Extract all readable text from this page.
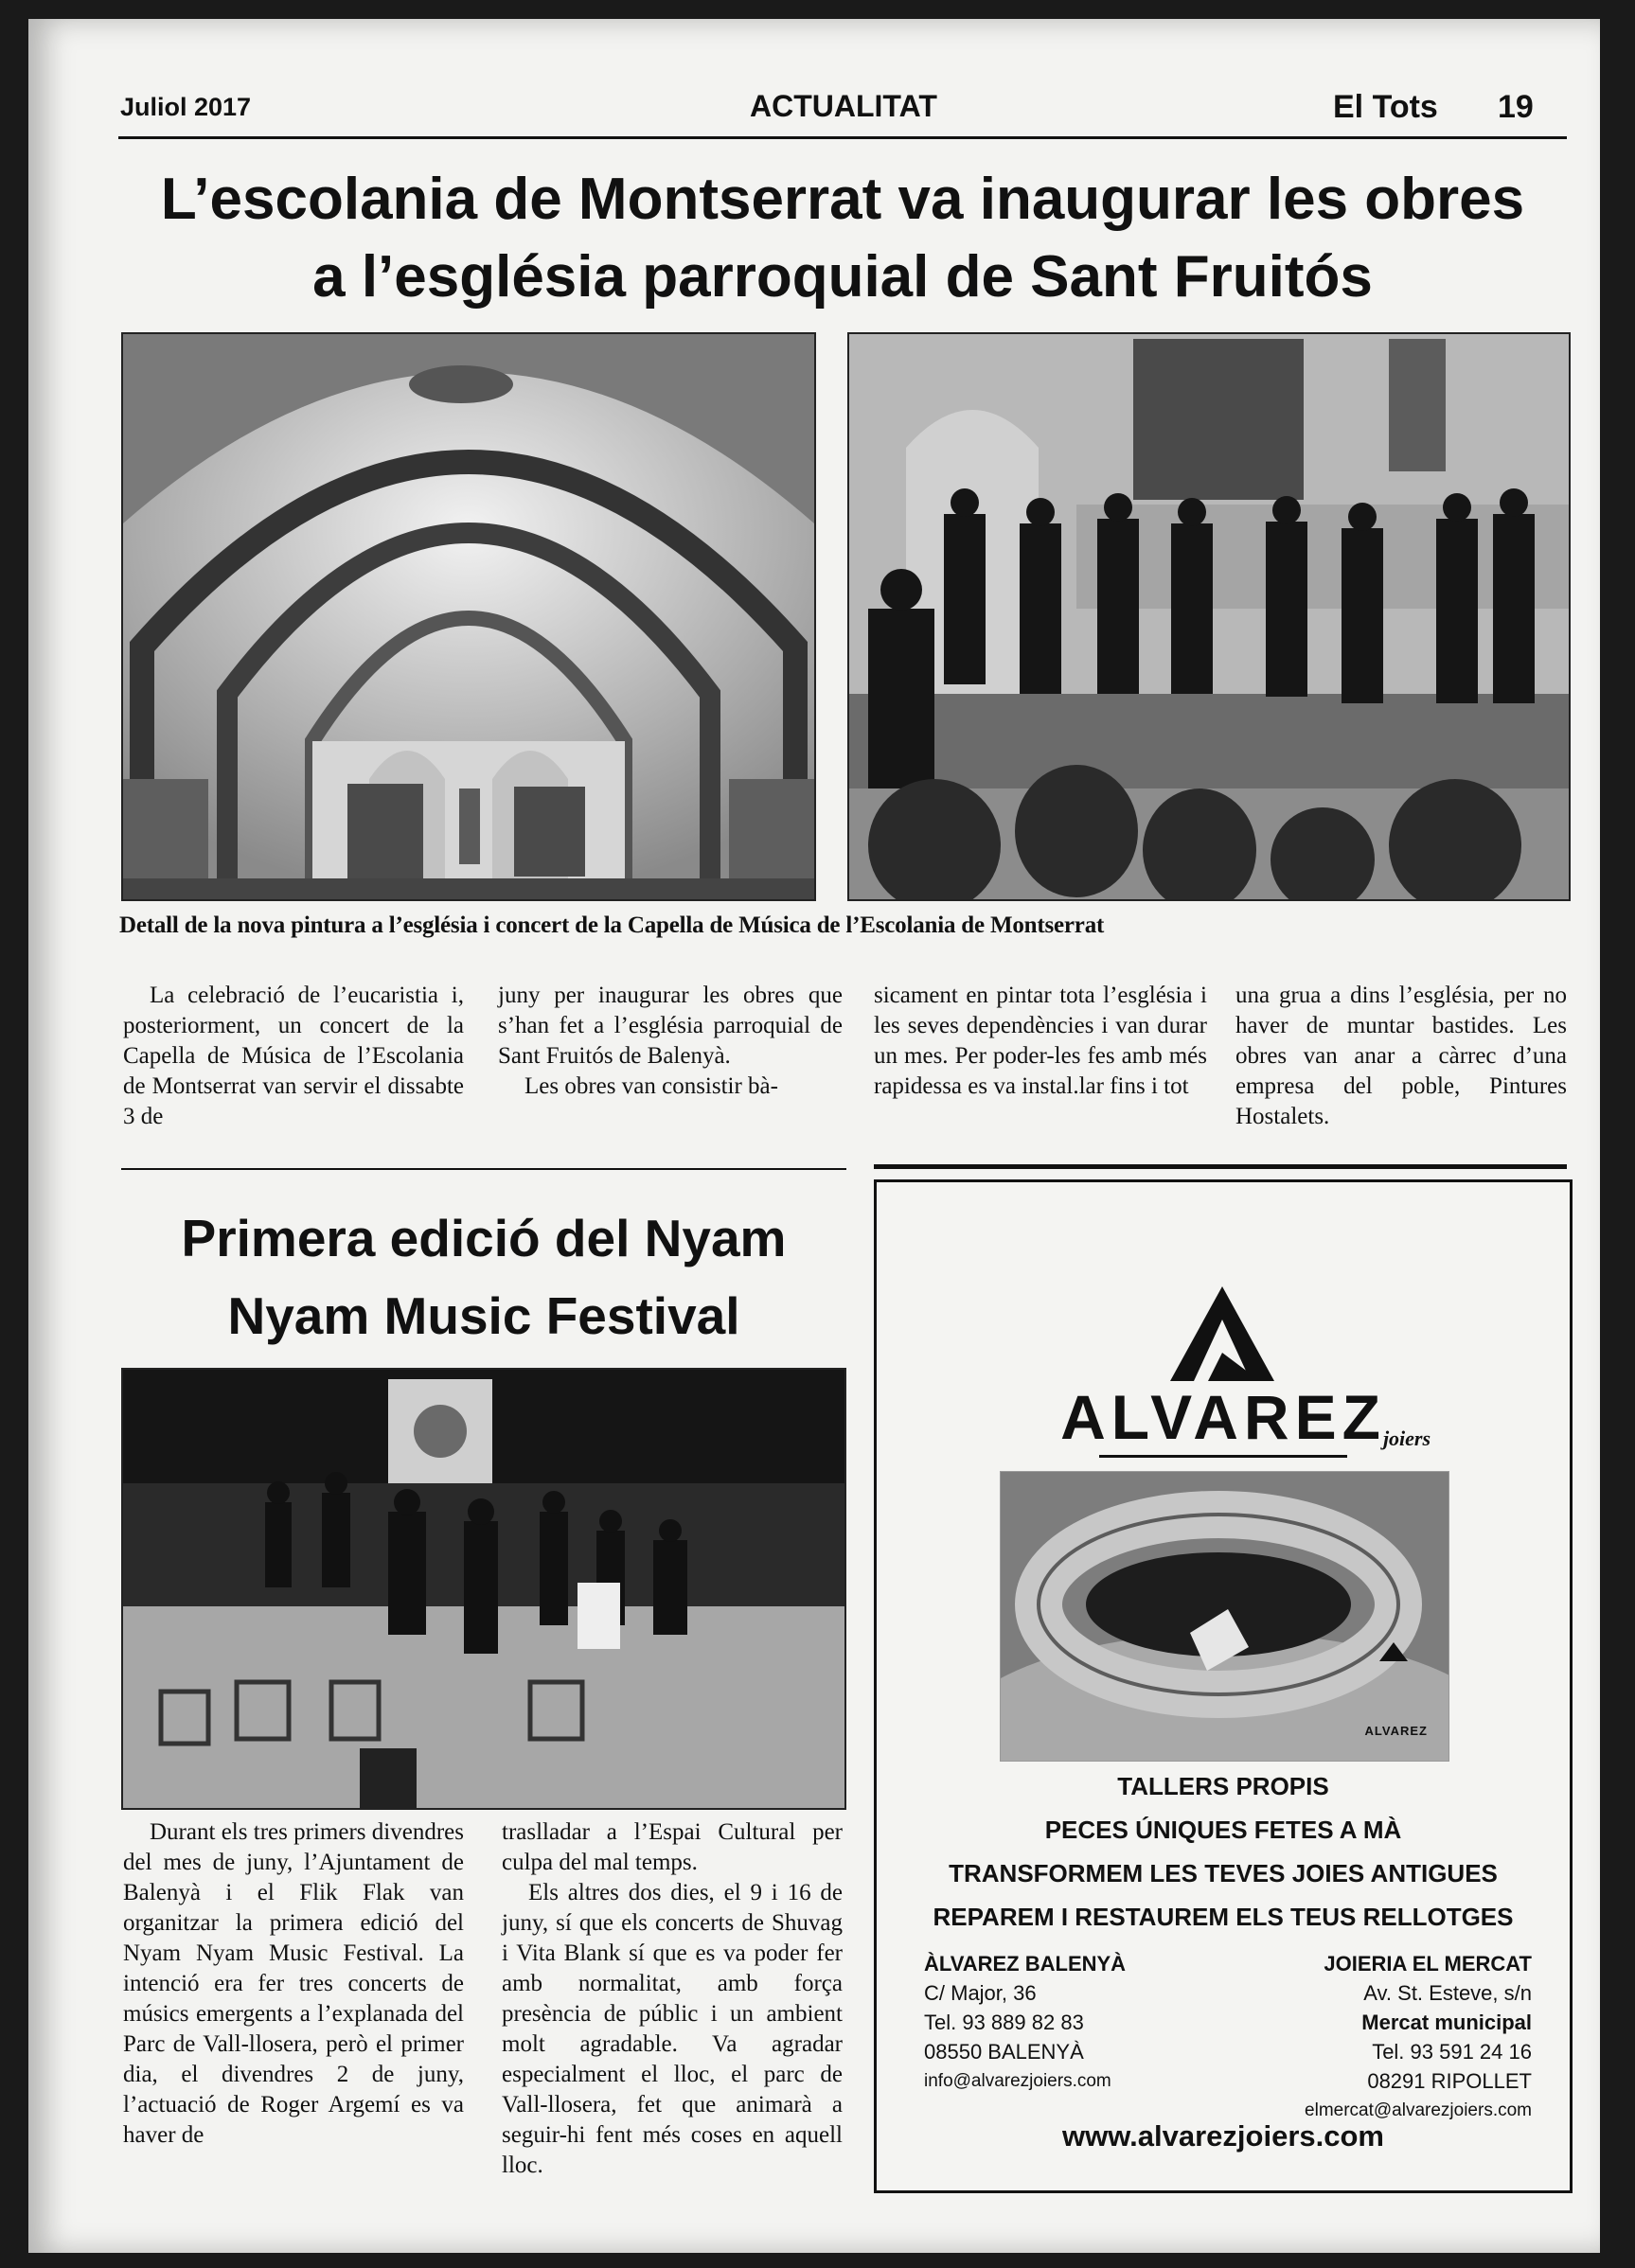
Juliol 2017	ACTUALITAT	El Tots 19
L’escolania de Montserrat va inaugurar les obres
a l’església parroquial de Sant Fruitós
Detall de la nova pintura a l’església i concert de la Capella de Música de l’Escolania de Montserrat

La celebració de l’eucaristia i, posteriorment, un concert de la Capella de Música de l’Escolania de Montserrat van servir el dissabte 3 de

juny per inaugurar les obres que s’han fet a l’església parroquial de Sant Fruitós de Balenyà.

Les obres van consistir bà-

sicament en pintar tota l’església i les seves dependències i van durar un mes. Per poder-les fes amb més rapidessa es va instal.lar fins i tot

una grua a dins l’església, per no haver de muntar bastides. Les obres van anar a càrrec d’una empresa del poble, Pintures Hostalets.

Primera edició del Nyam
Nyam Music Festival

Durant els tres primers divendres del mes de juny, l’Ajuntament de Balenyà i el Flik Flak van organitzar la primera edició del Nyam Nyam Music Festival. La intenció era fer tres concerts de músics emergents a l’explanada del Parc de Vall-llosera, però el primer dia, el divendres 2 de juny, l’actuació de Roger Argemí es va haver de

traslladar a l’Espai Cultural per culpa del mal temps.

Els altres dos dies, el 9 i 16 de juny, sí que els concerts de Shuvag i Vita Blank sí que es va poder fer amb normalitat, amb força presència de públic i un ambient molt agradable. Va agradar especialment el lloc, el parc de Vall-llosera, fet que animarà a seguir-hi fent més coses en aquell lloc.

ALVAREZ
joiers
ALVAREZ
TALLERS PROPIS
PECES ÚNIQUES FETES A MÀ
TRANSFORMEM LES TEVES JOIES ANTIGUES
REPAREM I RESTAUREM ELS TEUS RELLOTGES
ÀLVAREZ BALENYÀ
C/ Major, 36
Tel. 93 889 82 83
08550 BALENYÀ
info@alvarezjoiers.com
JOIERIA EL MERCAT
Av. St. Esteve, s/n
Mercat municipal
Tel. 93 591 24 16
08291 RIPOLLET
elmercat@alvarezjoiers.com
www.alvarezjoiers.com
